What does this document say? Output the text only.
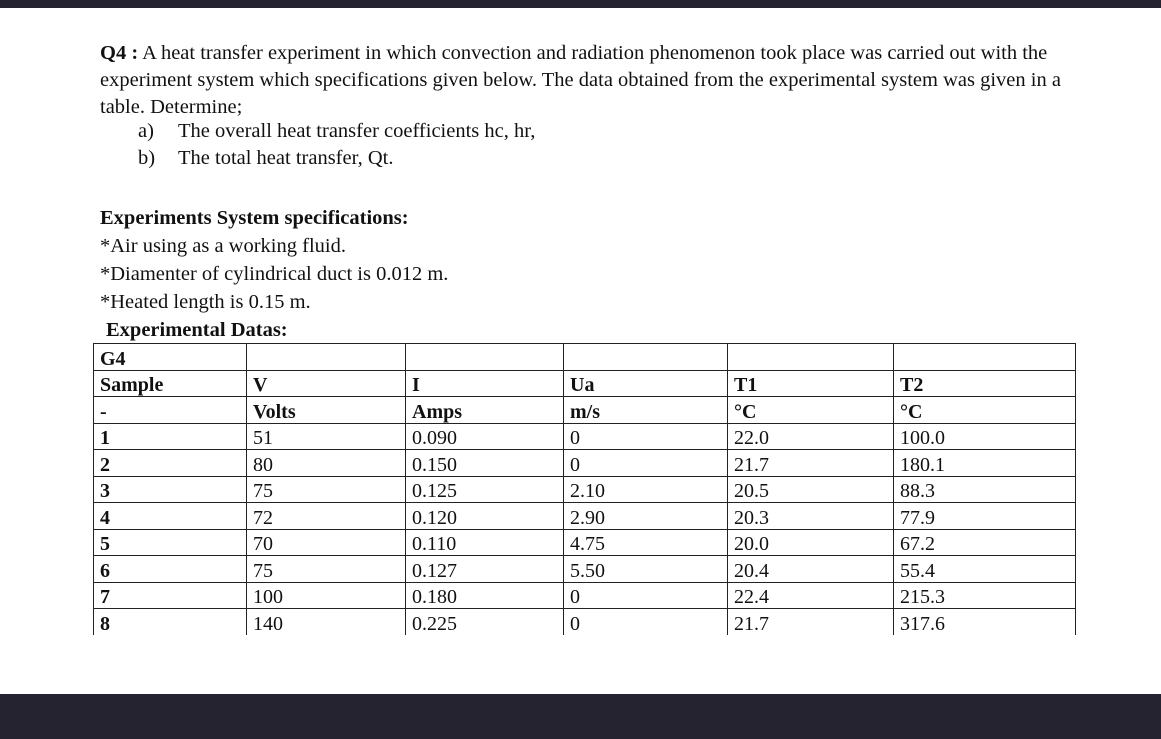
Q4 : A heat transfer experiment in which convection and radiation phenomenon took place was carried out with the experiment system which specifications given below. The data obtained from the experimental system was given in a table. Determine;
a) The overall heat transfer coefficients hc, hr,
b) The total heat transfer, Qt.
Experiments System specifications:
*Air using as a working fluid.
*Diamenter of cylindrical duct is 0.012 m.
*Heated length is 0.15 m.
Experimental Datas:
G4					
Sample	V	I	Ua	T1	T2
-	Volts	Amps	m/s	°C	°C
1	51	0.090	0	22.0	100.0
2	80	0.150	0	21.7	180.1
3	75	0.125	2.10	20.5	88.3
4	72	0.120	2.90	20.3	77.9
5	70	0.110	4.75	20.0	67.2
6	75	0.127	5.50	20.4	55.4
7	100	0.180	0	22.4	215.3
8	140	0.225	0	21.7	317.6
